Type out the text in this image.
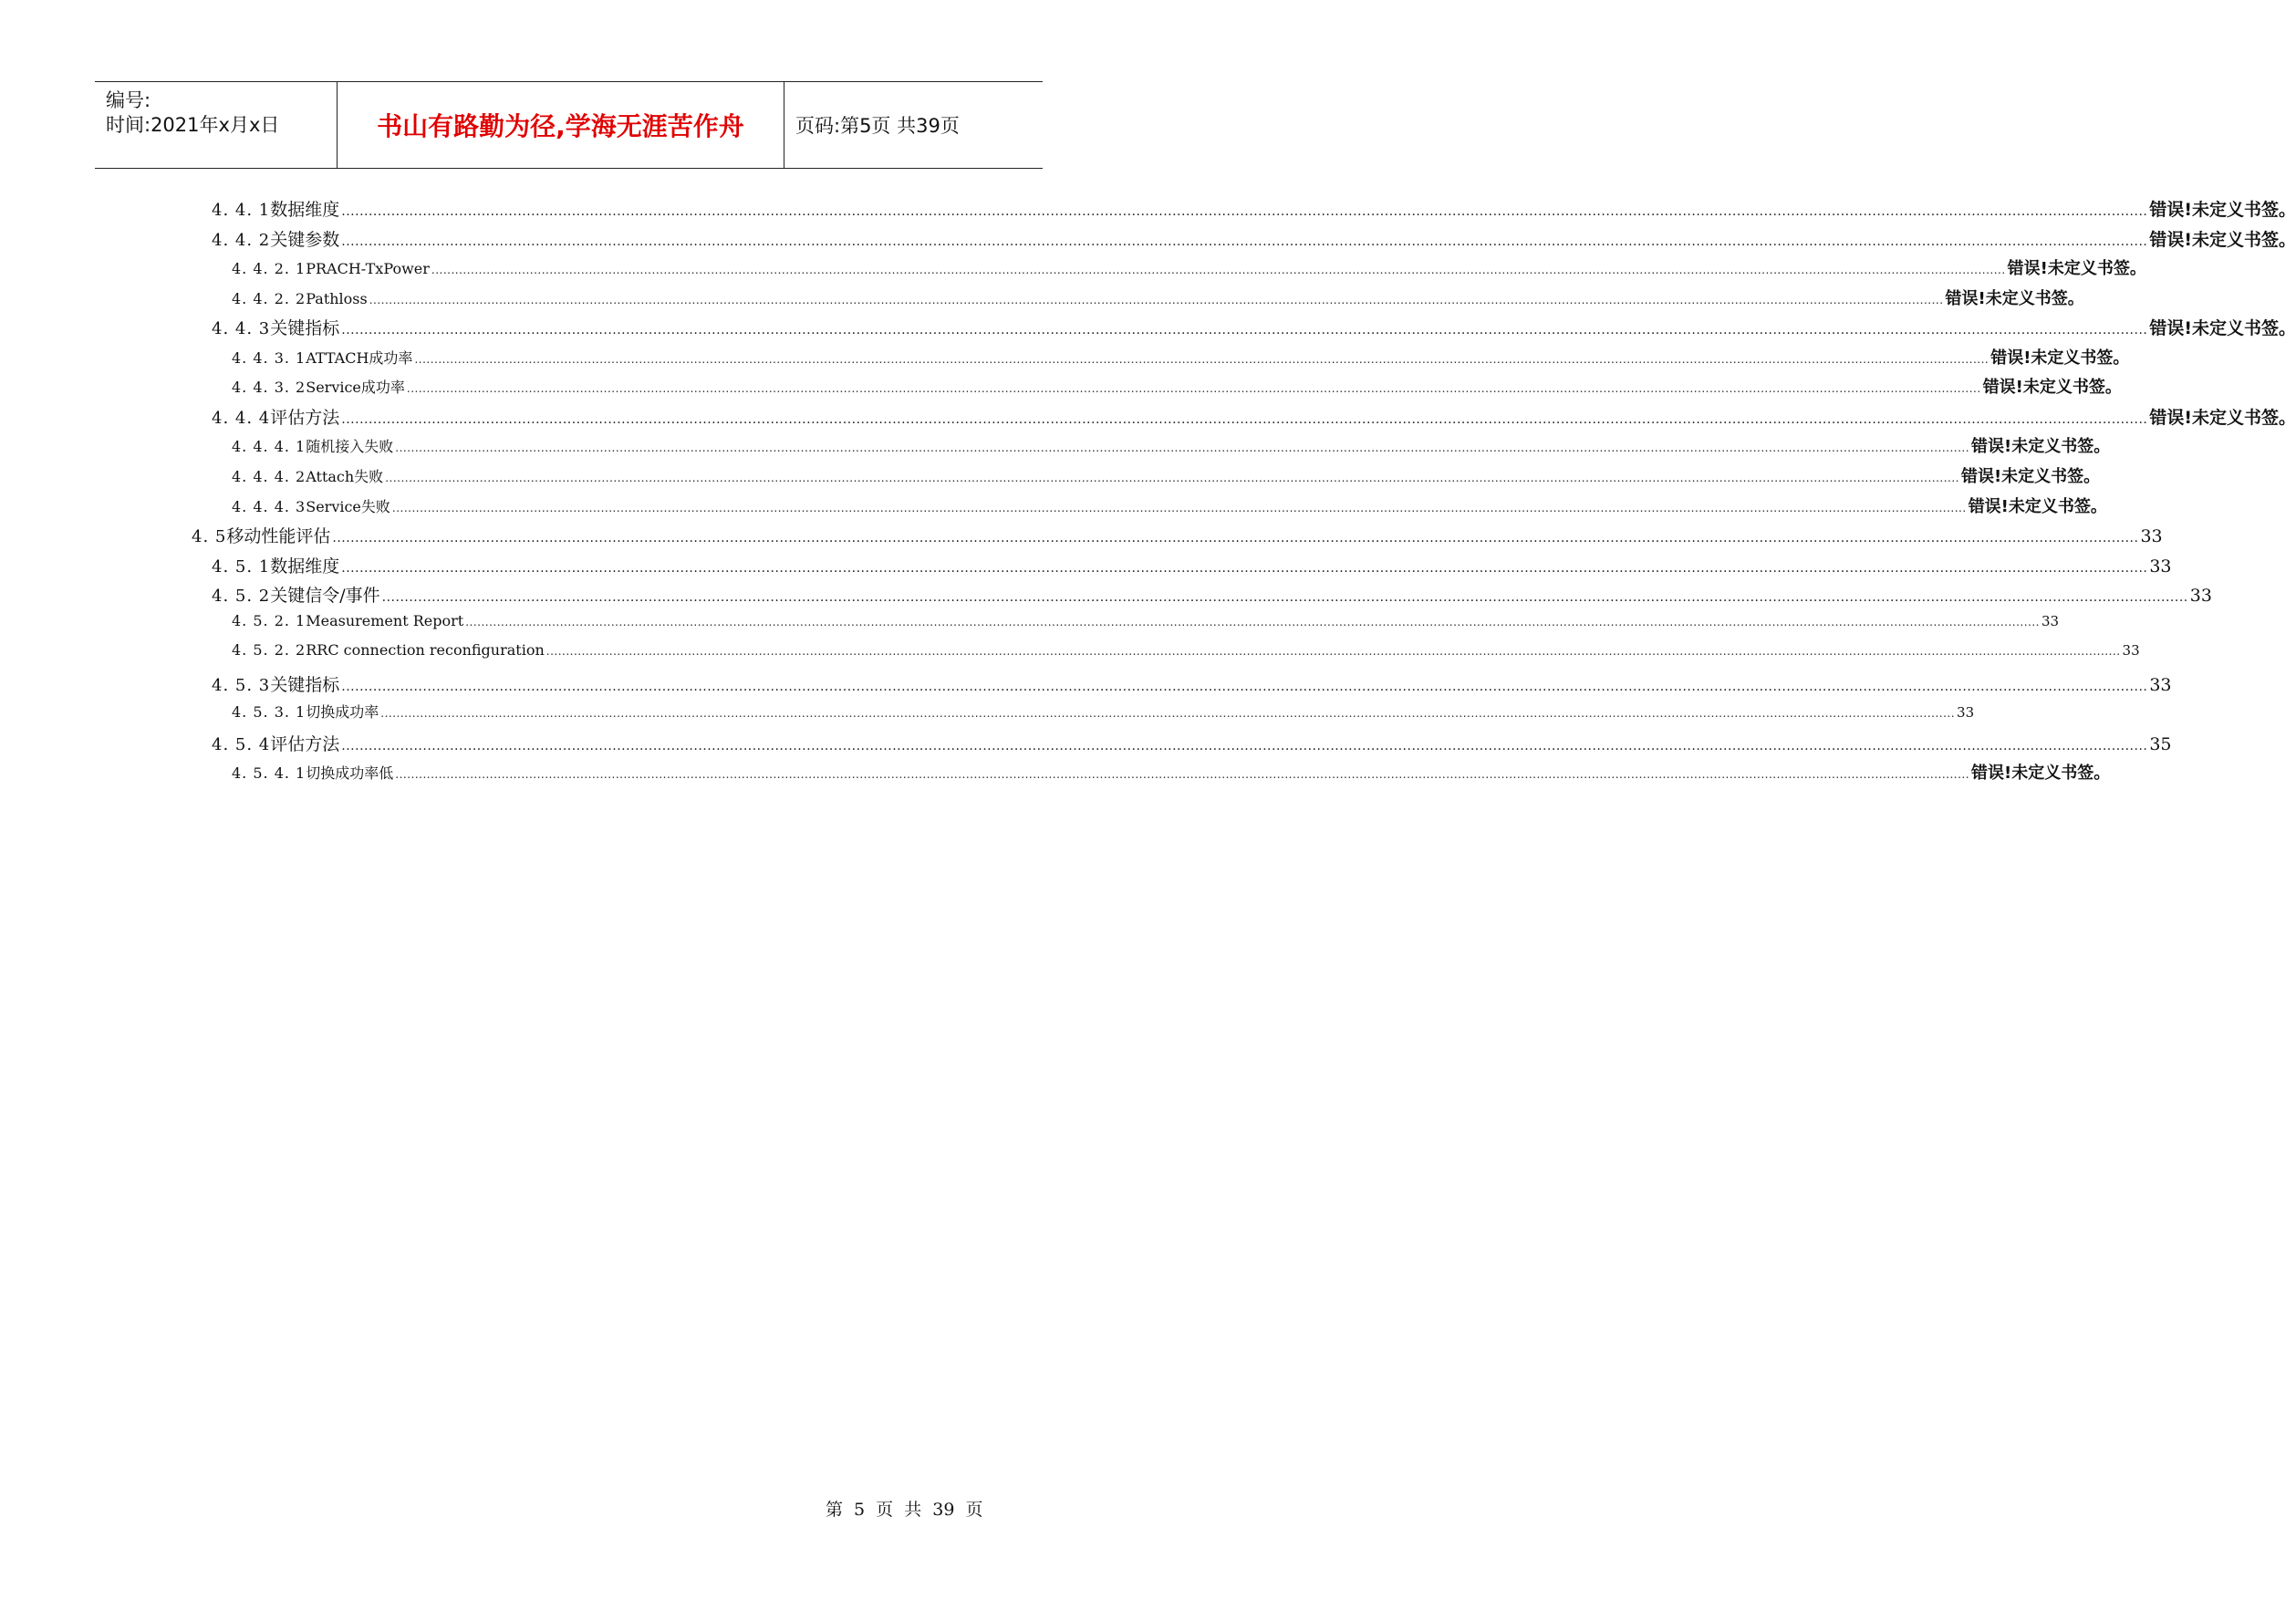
编号:
时间:2021年x月x日	书山有路勤为径,学海无涯苦作舟	页码:第5页 共39页
4. 4. 1 数据维度 ................................................................................................................................................................................................................................................................................................................................................................................................................ 错误!未定义书签。
4. 4. 2 关键参数 ................................................................................................................................................................................................................................................................................................................................................................................................................ 错误!未定义书签。
4. 4. 2. 1 PRACH-TxPower ................................................................................................................................................................................................................................................................................................................................................................................................................ 错误!未定义书签。
4. 4. 2. 2 Pathloss ................................................................................................................................................................................................................................................................................................................................................................................................................ 错误!未定义书签。
4. 4. 3 关键指标 ................................................................................................................................................................................................................................................................................................................................................................................................................ 错误!未定义书签。
4. 4. 3. 1 ATTACH成功率 ................................................................................................................................................................................................................................................................................................................................................................................................................ 错误!未定义书签。
4. 4. 3. 2 Service成功率 ................................................................................................................................................................................................................................................................................................................................................................................................................ 错误!未定义书签。
4. 4. 4 评估方法 ................................................................................................................................................................................................................................................................................................................................................................................................................ 错误!未定义书签。
4. 4. 4. 1 随机接入失败 ................................................................................................................................................................................................................................................................................................................................................................................................................ 错误!未定义书签。
4. 4. 4. 2 Attach失败 ................................................................................................................................................................................................................................................................................................................................................................................................................ 错误!未定义书签。
4. 4. 4. 3 Service失败 ................................................................................................................................................................................................................................................................................................................................................................................................................ 错误!未定义书签。
4. 5 移动性能评估 ................................................................................................................................................................................................................................................................................................................................................................................................................ 33
4. 5. 1 数据维度 ................................................................................................................................................................................................................................................................................................................................................................................................................ 33
4. 5. 2 关键信令/事件 ................................................................................................................................................................................................................................................................................................................................................................................................................ 33
4. 5. 2. 1 Measurement Report ................................................................................................................................................................................................................................................................................................................................................................................................................ 33
4. 5. 2. 2 RRC connection reconfiguration ................................................................................................................................................................................................................................................................................................................................................................................................................ 33
4. 5. 3 关键指标 ................................................................................................................................................................................................................................................................................................................................................................................................................ 33
4. 5. 3. 1 切换成功率 ................................................................................................................................................................................................................................................................................................................................................................................................................ 33
4. 5. 4 评估方法 ................................................................................................................................................................................................................................................................................................................................................................................................................ 35
4. 5. 4. 1 切换成功率低 ................................................................................................................................................................................................................................................................................................................................................................................................................ 错误!未定义书签。
第 5 页 共 39 页
